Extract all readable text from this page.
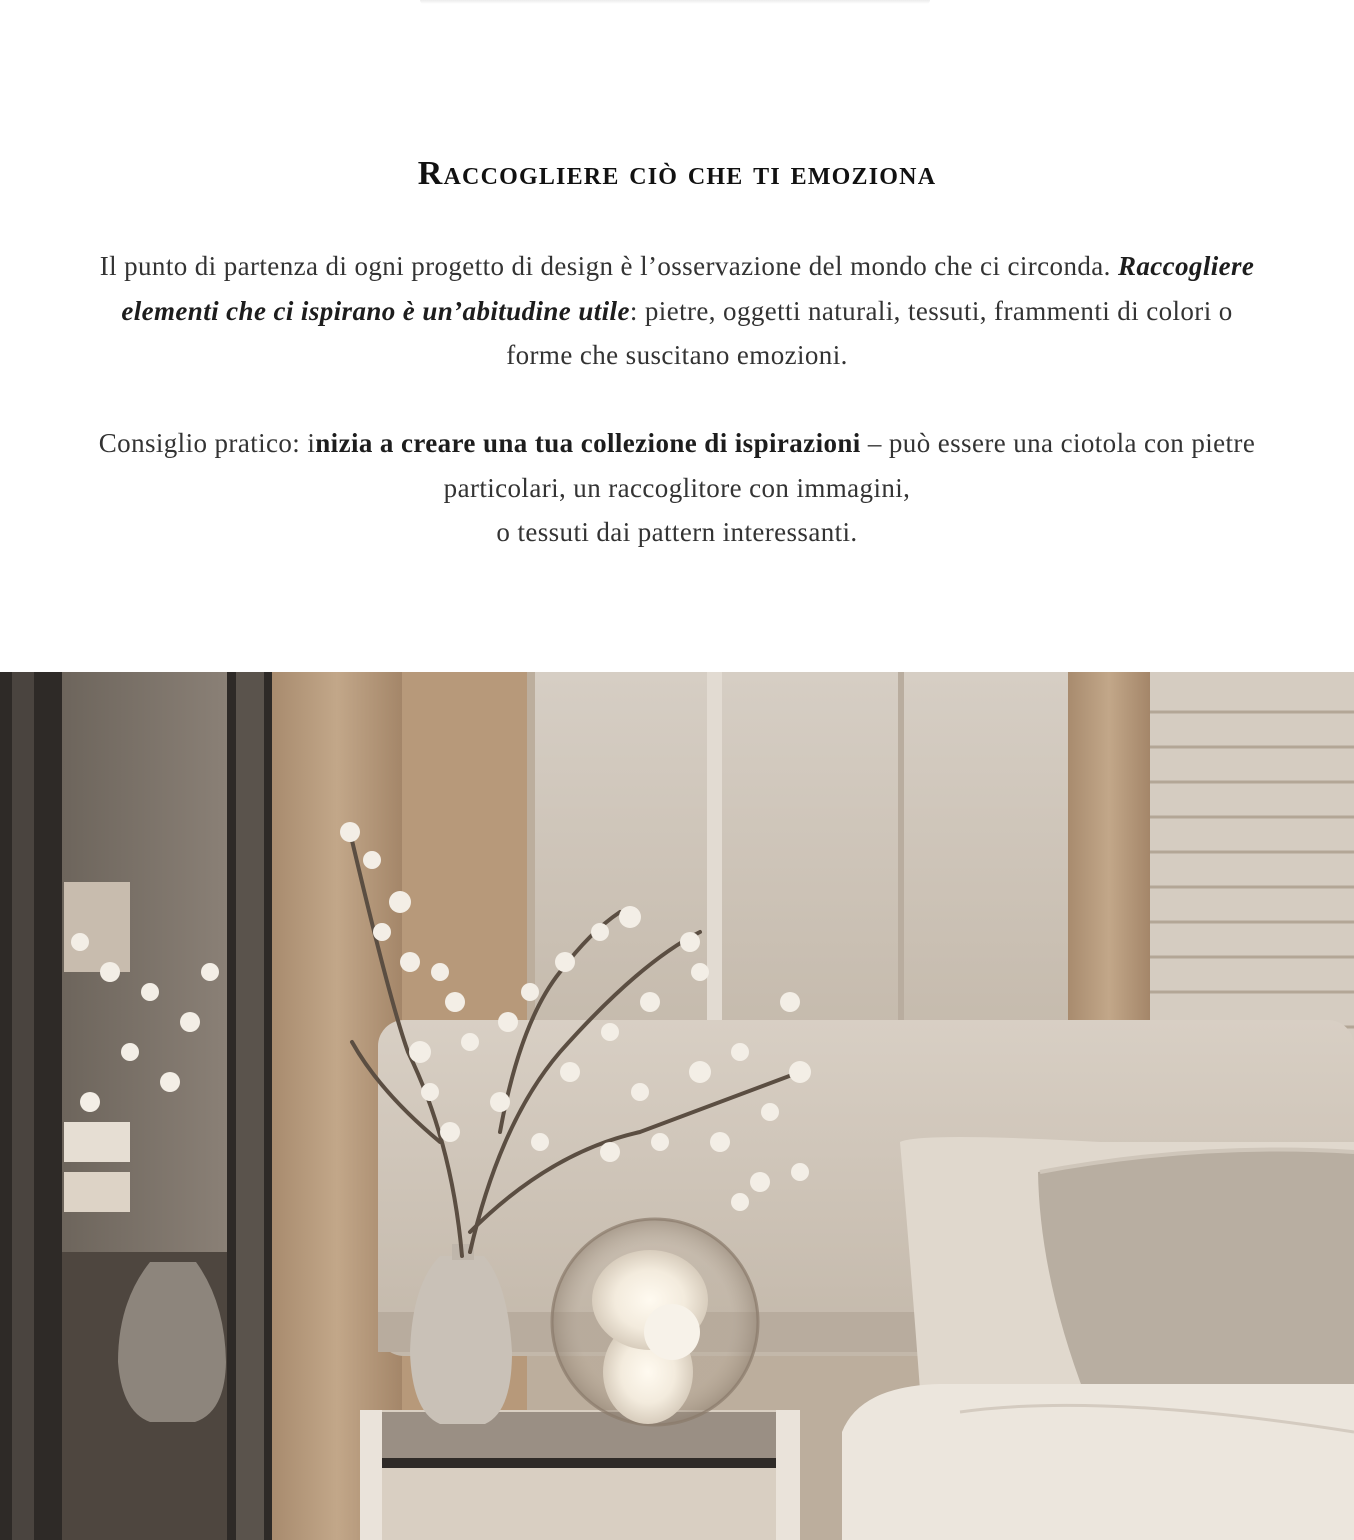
Raccogliere ciò che ti emoziona

Il punto di partenza di ogni progetto di design è l’osservazione del mondo che ci circonda. Raccogliere elementi che ci ispirano è un’abitudine utile: pietre, oggetti naturali, tessuti, frammenti di colori o forme che suscitano emozioni.

Consiglio pratico: inizia a creare una tua collezione di ispirazioni – può essere una ciotola con pietre particolari, un raccoglitore con immagini,
o tessuti dai pattern interessanti.
